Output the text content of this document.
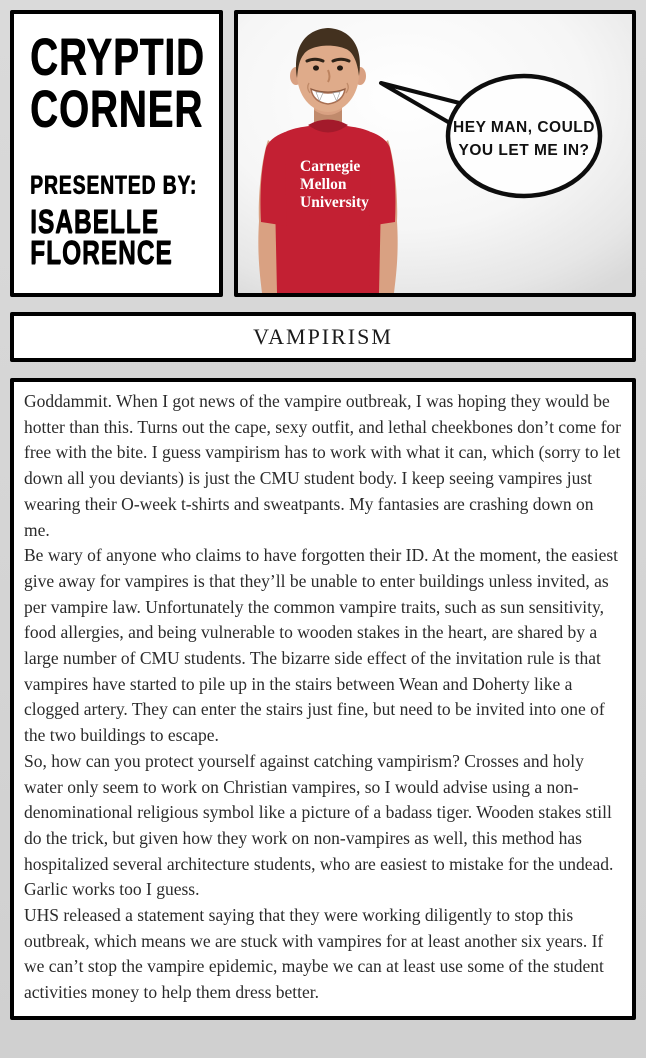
CRYPTID
CORNER
PRESENTED BY:
ISABELLE
FLORENCE
Carnegie Mellon University
HEY MAN, COULD
YOU LET ME IN?
VAMPIRISM

Goddammit. When I got news of the vampire outbreak, I was hoping they would be hotter than this. Turns out the cape, sexy outfit, and lethal cheekbones don’t come for free with the bite. I guess vampirism has to work with what it can, which (sorry to let down all you deviants) is just the CMU student body. I keep seeing vampires just wearing their O-week t-shirts and sweatpants. My fantasies are crashing down on me.

Be wary of anyone who claims to have forgotten their ID. At the moment, the easiest give away for vampires is that they’ll be unable to enter buildings unless invited, as per vampire law. Unfortunately the common vampire traits, such as sun sensitivity, food allergies, and being vulnerable to wooden stakes in the heart, are shared by a large number of CMU students. The bizarre side effect of the invitation rule is that vampires have started to pile up in the stairs between Wean and Doherty like a clogged artery. They can enter the stairs just fine, but need to be invited into one of the two buildings to escape.

So, how can you protect yourself against catching vampirism? Crosses and holy water only seem to work on Christian vampires, so I would advise using a non-denominational religious symbol like a picture of a badass tiger. Wooden stakes still do the trick, but given how they work on non-vampires as well, this method has hospitalized several architecture students, who are easiest to mistake for the undead. Garlic works too I guess.

UHS released a statement saying that they were working diligently to stop this outbreak, which means we are stuck with vampires for at least another six years. If we can’t stop the vampire epidemic, maybe we can at least use some of the student activities money to help them dress better.
